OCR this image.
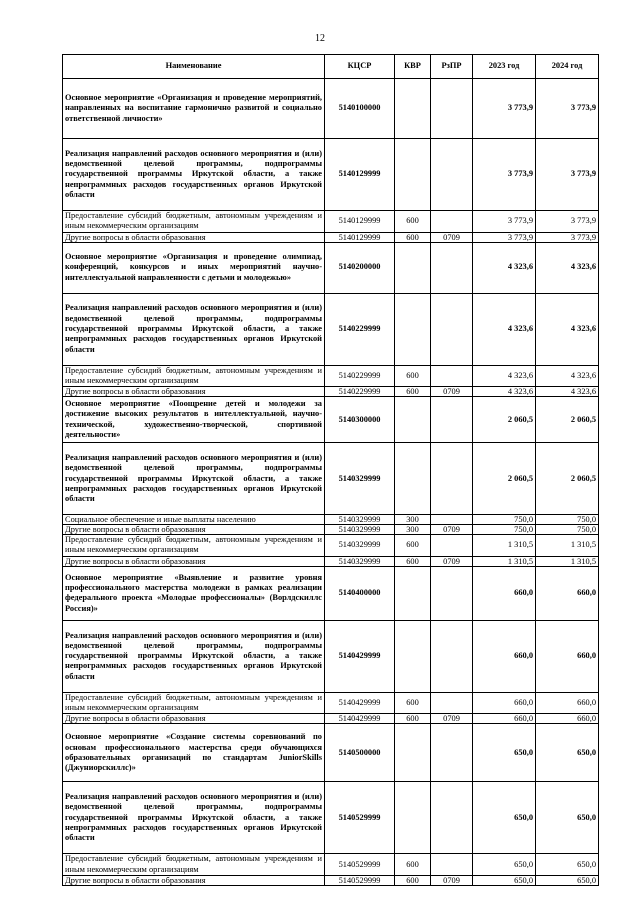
12
Наименование	КЦСР	КВР	РзПР	2023 год	2024 год
Основное мероприятие «Организация и проведение мероприятий, направленных на воспитание гармонично развитой и социально ответственной личности»	5140100000			3 773,9	3 773,9
Реализация направлений расходов основного мероприятия и (или) ведомственной целевой программы, подпрограммы государственной программы Иркутской области, а также непрограммных расходов государственных органов Иркутской области	5140129999			3 773,9	3 773,9
Предоставление субсидий бюджетным, автономным учреждениям и иным некоммерческим организациям	5140129999	600		3 773,9	3 773,9
Другие вопросы в области образования	5140129999	600	0709	3 773,9	3 773,9
Основное мероприятие «Организация и проведение олимпиад, конференций, конкурсов и иных мероприятий научно-интеллектуальной направленности с детьми и молодежью»	5140200000			4 323,6	4 323,6
Реализация направлений расходов основного мероприятия и (или) ведомственной целевой программы, подпрограммы государственной программы Иркутской области, а также непрограммных расходов государственных органов Иркутской области	5140229999			4 323,6	4 323,6
Предоставление субсидий бюджетным, автономным учреждениям и иным некоммерческим организациям	5140229999	600		4 323,6	4 323,6
Другие вопросы в области образования	5140229999	600	0709	4 323,6	4 323,6
Основное мероприятие «Поощрение детей и молодежи за достижение высоких результатов в интеллектуальной, научно-технической, художественно-творческой, спортивной деятельности»	5140300000			2 060,5	2 060,5
Реализация направлений расходов основного мероприятия и (или) ведомственной целевой программы, подпрограммы государственной программы Иркутской области, а также непрограммных расходов государственных органов Иркутской области	5140329999			2 060,5	2 060,5
Социальное обеспечение и иные выплаты населению	5140329999	300		750,0	750,0
Другие вопросы в области образования	5140329999	300	0709	750,0	750,0
Предоставление субсидий бюджетным, автономным учреждениям и иным некоммерческим организациям	5140329999	600		1 310,5	1 310,5
Другие вопросы в области образования	5140329999	600	0709	1 310,5	1 310,5
Основное мероприятие «Выявление и развитие уровня профессионального мастерства молодежи в рамках реализации федерального проекта «Молодые профессионалы» (Ворлдскиллс Россия)»	5140400000			660,0	660,0
Реализация направлений расходов основного мероприятия и (или) ведомственной целевой программы, подпрограммы государственной программы Иркутской области, а также непрограммных расходов государственных органов Иркутской области	5140429999			660,0	660,0
Предоставление субсидий бюджетным, автономным учреждениям и иным некоммерческим организациям	5140429999	600		660,0	660,0
Другие вопросы в области образования	5140429999	600	0709	660,0	660,0
Основное мероприятие «Создание системы соревнований по основам профессионального мастерства среди обучающихся образовательных организаций по стандартам JuniorSkills (Джуниорскиллс)»	5140500000			650,0	650,0
Реализация направлений расходов основного мероприятия и (или) ведомственной целевой программы, подпрограммы государственной программы Иркутской области, а также непрограммных расходов государственных органов Иркутской области	5140529999			650,0	650,0
Предоставление субсидий бюджетным, автономным учреждениям и иным некоммерческим организациям	5140529999	600		650,0	650,0
Другие вопросы в области образования	5140529999	600	0709	650,0	650,0
